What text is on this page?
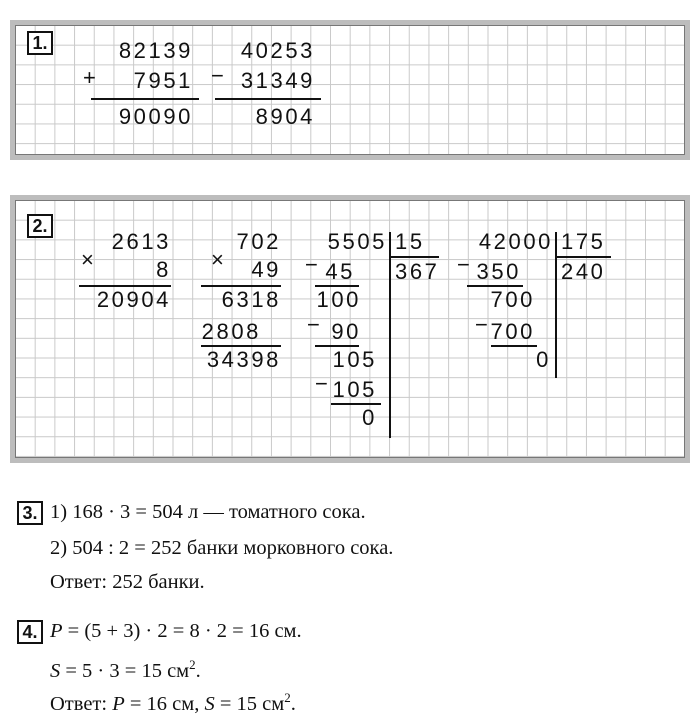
1.	82139
+	7951
90090
40253
− 31349
8904
2.
2613
×	8
20904
702
×	49
6318
2808
34398
5505 15
367
− 45
100
− 90
105
− 105
0
42000 175
240
− 350
700
− 700
0
3. 1) 168 · 3 = 504 л — томатного сока.
2) 504 : 2 = 252 банки морковного сока.
Ответ: 252 банки.
4. P = (5 + 3) · 2 = 8 · 2 = 16 см.
S = 5 · 3 = 15 $см^2$.
Ответ: P = 16 см, S = 15 $см^2$.
